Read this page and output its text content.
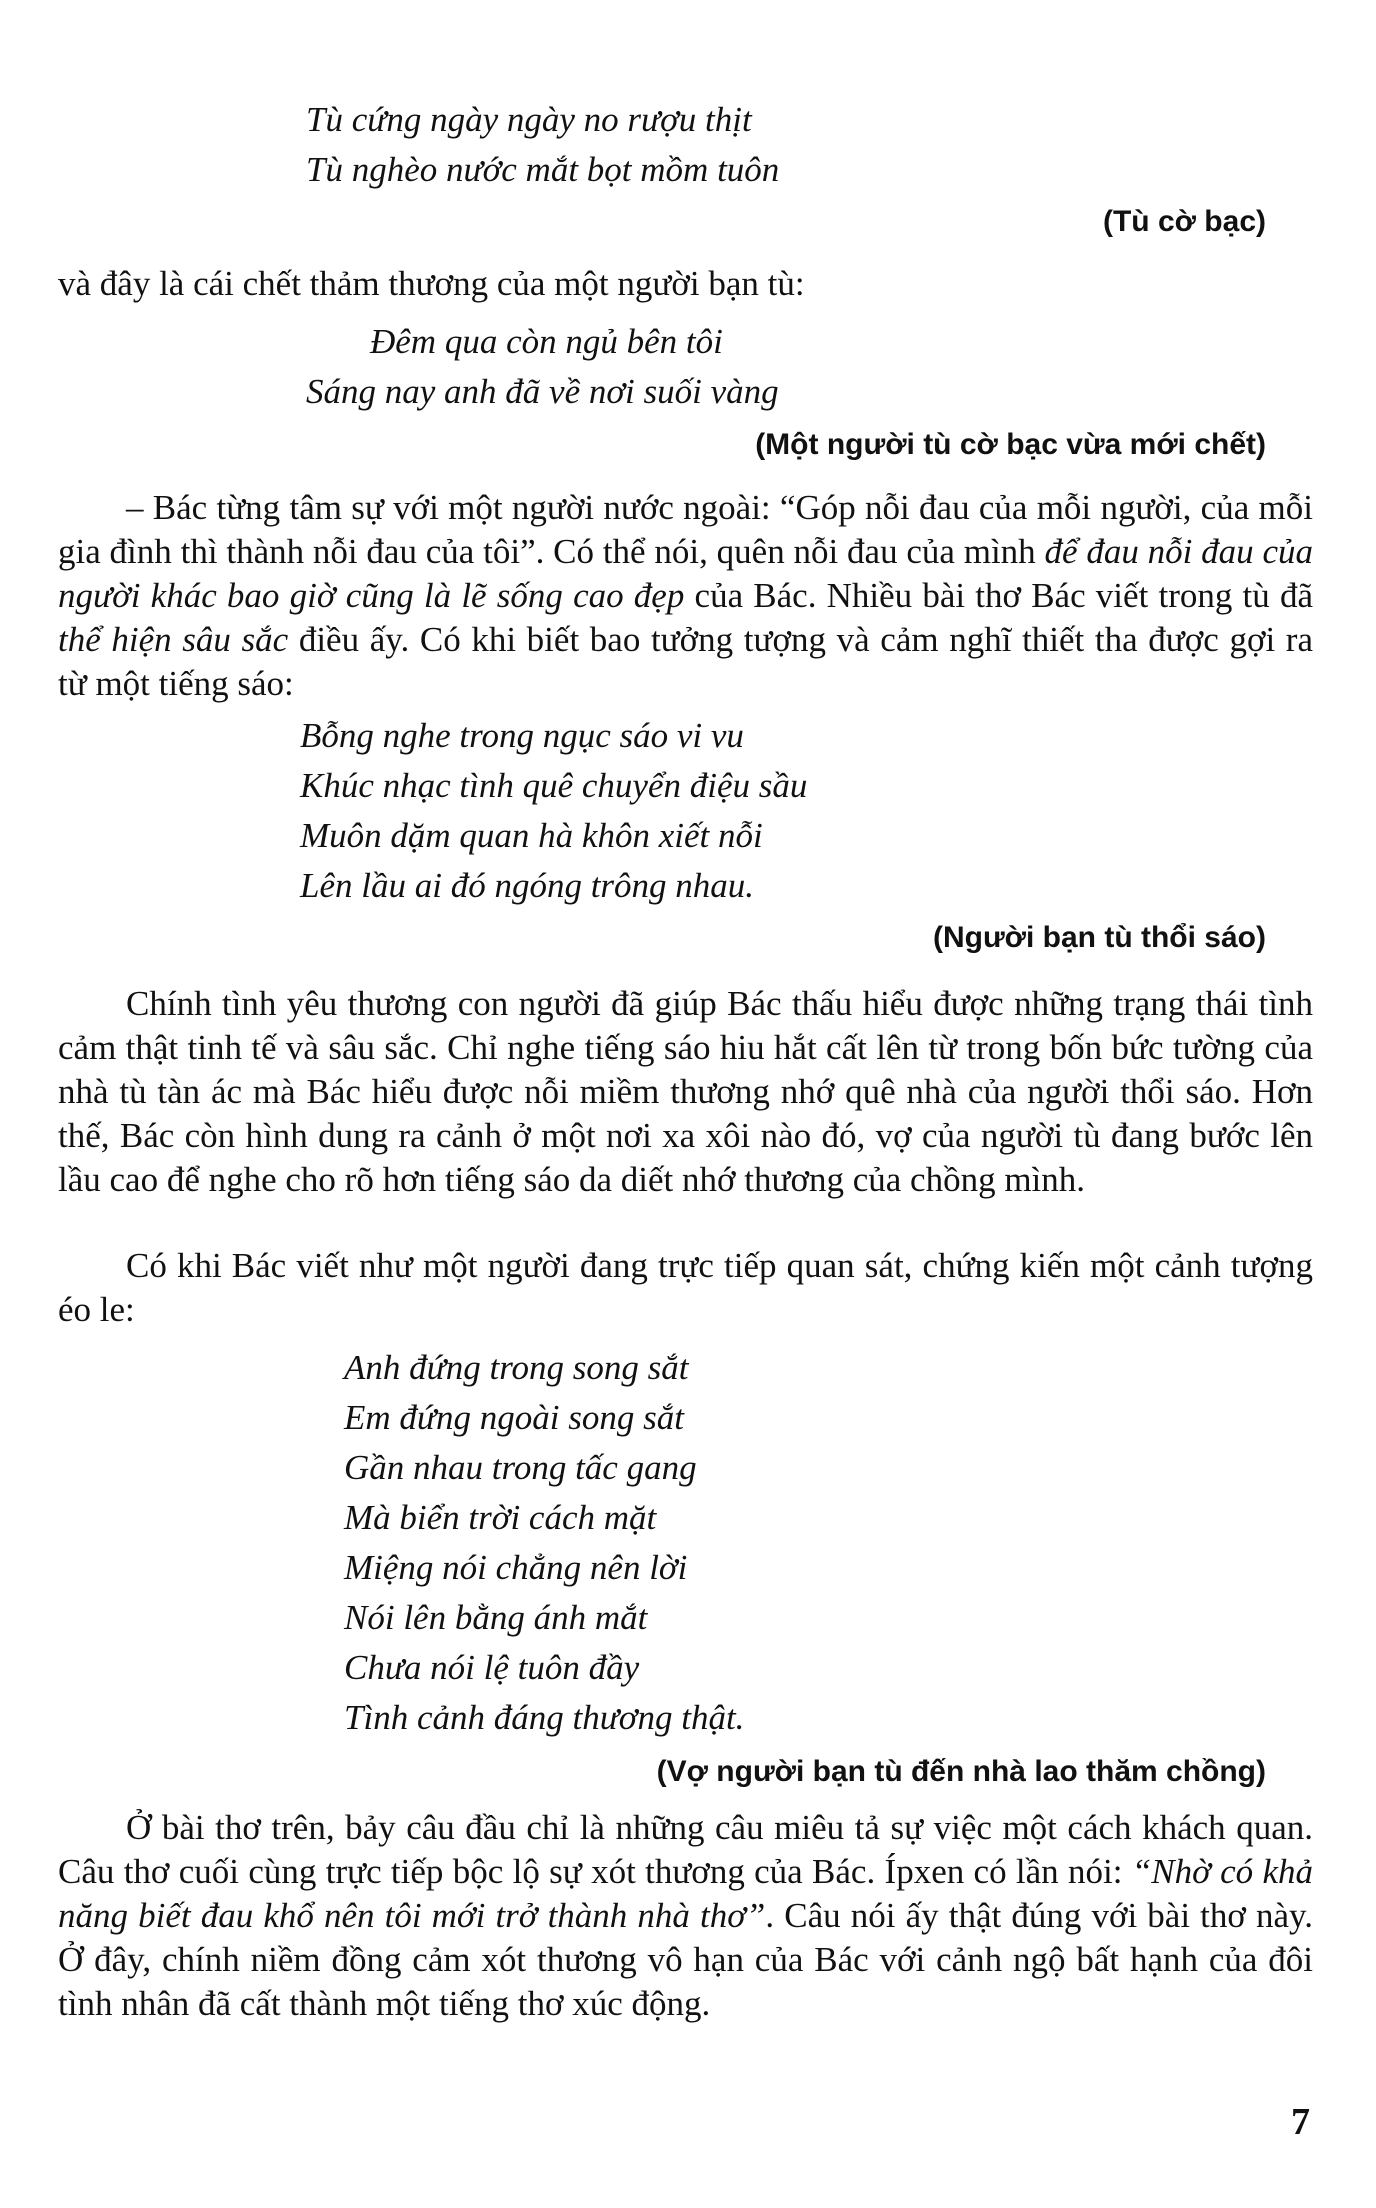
Tù cứng ngày ngày no rượu thịt
Tù nghèo nước mắt bọt mồm tuôn
(Tù cờ bạc)
và đây là cái chết thảm thương của một người bạn tù:
Đêm qua còn ngủ bên tôi
Sáng nay anh đã về nơi suối vàng
(Một người tù cờ bạc vừa mới chết)
– Bác từng tâm sự với một người nước ngoài: “Góp nỗi đau của mỗi người, của mỗi gia đình thì thành nỗi đau của tôi”. Có thể nói, quên nỗi đau của mình để đau nỗi đau của người khác bao giờ cũng là lẽ sống cao đẹp của Bác. Nhiều bài thơ Bác viết trong tù đã thể hiện sâu sắc điều ấy. Có khi biết bao tưởng tượng và cảm nghĩ thiết tha được gợi ra từ một tiếng sáo:
Bỗng nghe trong ngục sáo vi vu
Khúc nhạc tình quê chuyển điệu sầu
Muôn dặm quan hà khôn xiết nỗi
Lên lầu ai đó ngóng trông nhau.
(Người bạn tù thổi sáo)
Chính tình yêu thương con người đã giúp Bác thấu hiểu được những trạng thái tình cảm thật tinh tế và sâu sắc. Chỉ nghe tiếng sáo hiu hắt cất lên từ trong bốn bức tường của nhà tù tàn ác mà Bác hiểu được nỗi miềm thương nhớ quê nhà của người thổi sáo. Hơn thế, Bác còn hình dung ra cảnh ở một nơi xa xôi nào đó, vợ của người tù đang bước lên lầu cao để nghe cho rõ hơn tiếng sáo da diết nhớ thương của chồng mình.
Có khi Bác viết như một người đang trực tiếp quan sát, chứng kiến một cảnh tượng éo le:
Anh đứng trong song sắt
Em đứng ngoài song sắt
Gần nhau trong tấc gang
Mà biển trời cách mặt
Miệng nói chẳng nên lời
Nói lên bằng ánh mắt
Chưa nói lệ tuôn đầy
Tình cảnh đáng thương thật.
(Vợ người bạn tù đến nhà lao thăm chồng)
Ở bài thơ trên, bảy câu đầu chỉ là những câu miêu tả sự việc một cách khách quan. Câu thơ cuối cùng trực tiếp bộc lộ sự xót thương của Bác. Ípxen có lần nói: “Nhờ có khả năng biết đau khổ nên tôi mới trở thành nhà thơ”. Câu nói ấy thật đúng với bài thơ này. Ở đây, chính niềm đồng cảm xót thương vô hạn của Bác với cảnh ngộ bất hạnh của đôi tình nhân đã cất thành một tiếng thơ xúc động.
7
